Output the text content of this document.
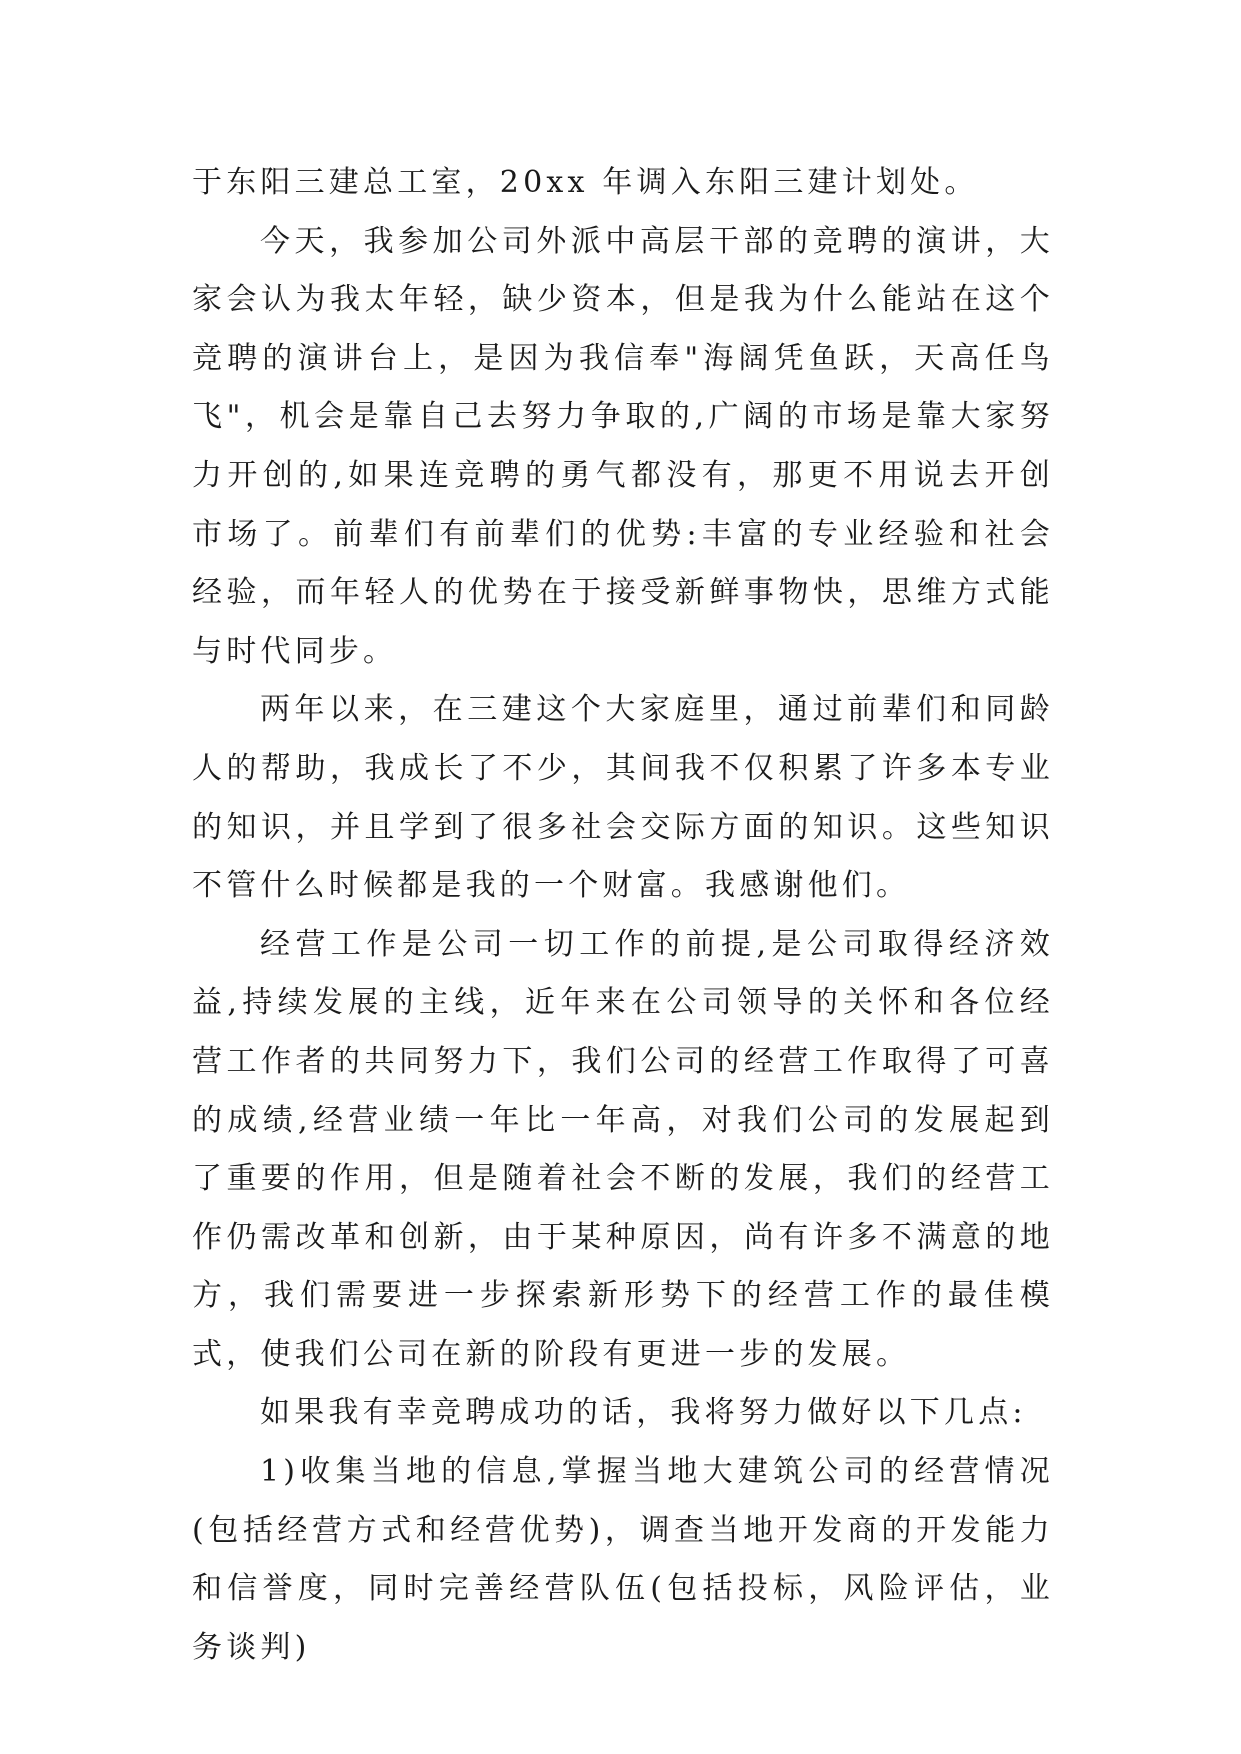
于东阳三建总工室，20xx 年调入东阳三建计划处。

今天，我参加公司外派中高层干部的竞聘的演讲，大家会认为我太年轻，缺少资本，但是我为什么能站在这个竞聘的演讲台上，是因为我信奉"海阔凭鱼跃，天高任鸟飞"，机会是靠自己去努力争取的,广阔的市场是靠大家努力开创的,如果连竞聘的勇气都没有，那更不用说去开创市场了。前辈们有前辈们的优势:丰富的专业经验和社会经验，而年轻人的优势在于接受新鲜事物快，思维方式能与时代同步。

两年以来，在三建这个大家庭里，通过前辈们和同龄人的帮助，我成长了不少，其间我不仅积累了许多本专业的知识，并且学到了很多社会交际方面的知识。这些知识不管什么时候都是我的一个财富。我感谢他们。

经营工作是公司一切工作的前提,是公司取得经济效益,持续发展的主线，近年来在公司领导的关怀和各位经营工作者的共同努力下，我们公司的经营工作取得了可喜的成绩,经营业绩一年比一年高，对我们公司的发展起到了重要的作用，但是随着社会不断的发展，我们的经营工作仍需改革和创新，由于某种原因，尚有许多不满意的地方，我们需要进一步探索新形势下的经营工作的最佳模式，使我们公司在新的阶段有更进一步的发展。

如果我有幸竞聘成功的话，我将努力做好以下几点:

1)收集当地的信息,掌握当地大建筑公司的经营情况(包括经营方式和经营优势)，调查当地开发商的开发能力和信誉度，同时完善经营队伍(包括投标，风险评估，业务谈判)
